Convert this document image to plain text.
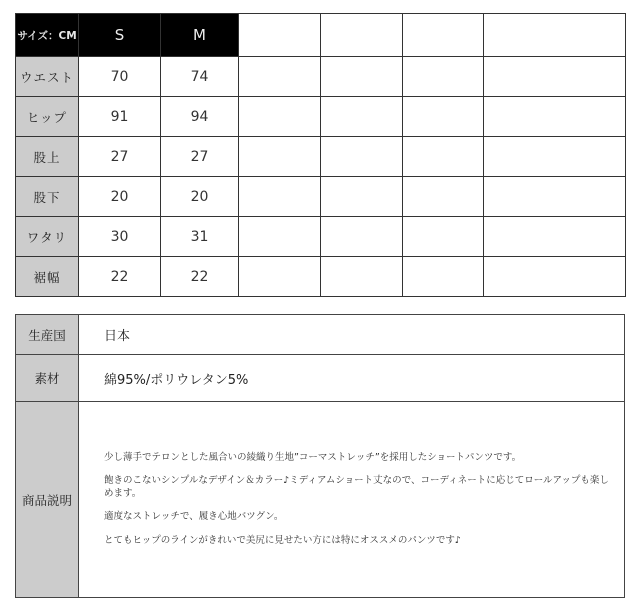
サイズ：CM	S	M				
ウエスト	70	74				
ヒップ	91	94				
股上	27	27				
股下	20	20				
ワタリ	30	31				
裾幅	22	22				
生産国	日本
素材	綿95%/ポリウレタン5%
商品説明	少し薄手でテロンとした風合いの綾織り生地”コーマストレッチ”を採用したショートパンツです。

飽きのこないシンプルなデザイン＆カラー♪ミディアムショート丈なので、コーディネートに応じてロールアップも楽しめます。

適度なストレッチで、履き心地バツグン。

とてもヒップのラインがきれいで美尻に見せたい方には特にオススメのパンツです♪
